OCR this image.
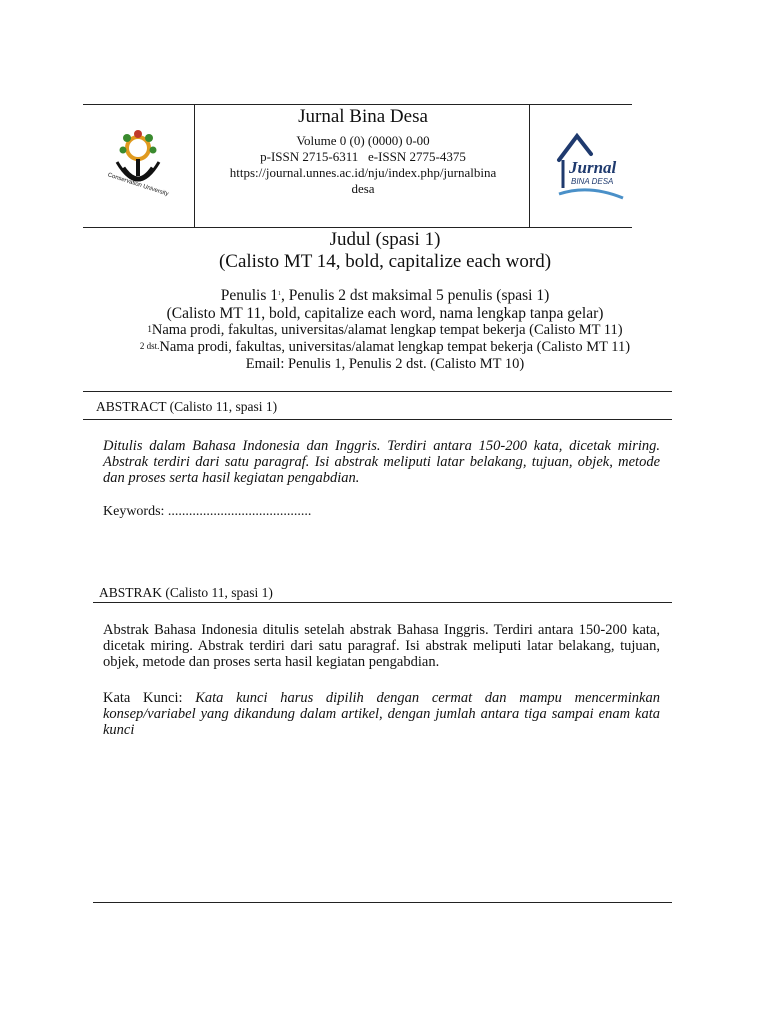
Conservation University
Jurnal Bina Desa
Volume 0 (0) (0000) 0-00
p-ISSN 2715-6311   e-ISSN 2775-4375
https://journal.unnes.ac.id/nju/index.php/jurnalbina
desa
Jurnal
BINA DESA
Judul (spasi 1)
(Calisto MT 14, bold, capitalize each word)
Penulis $1^1$, Penulis 2 dst maksimal 5 penulis (spasi 1)
(Calisto MT 11, bold, capitalize each word, nama lengkap tanpa gelar)
$^1$Nama prodi, fakultas, universitas/alamat lengkap tempat bekerja (Calisto MT 11)
$^{2 dst.}$Nama prodi, fakultas, universitas/alamat lengkap tempat bekerja (Calisto MT 11)
Email: Penulis 1, Penulis 2 dst. (Calisto MT 10)
ABSTRACT (Calisto 11, spasi 1)
Ditulis dalam Bahasa Indonesia dan Inggris. Terdiri antara 150-200 kata, dicetak miring. Abstrak terdiri dari satu paragraf. Isi abstrak meliputi latar belakang, tujuan, objek, metode dan proses serta hasil kegiatan pengabdian.
Keywords: .........................................
ABSTRAK (Calisto 11, spasi 1)
Abstrak Bahasa Indonesia ditulis setelah abstrak Bahasa Inggris. Terdiri antara 150-200 kata, dicetak miring. Abstrak terdiri dari satu paragraf. Isi abstrak meliputi latar belakang, tujuan, objek, metode dan proses serta hasil kegiatan pengabdian.
Kata Kunci: Kata kunci harus dipilih dengan cermat dan mampu mencerminkan konsep/variabel yang dikandung dalam artikel, dengan jumlah antara tiga sampai enam kata kunci
